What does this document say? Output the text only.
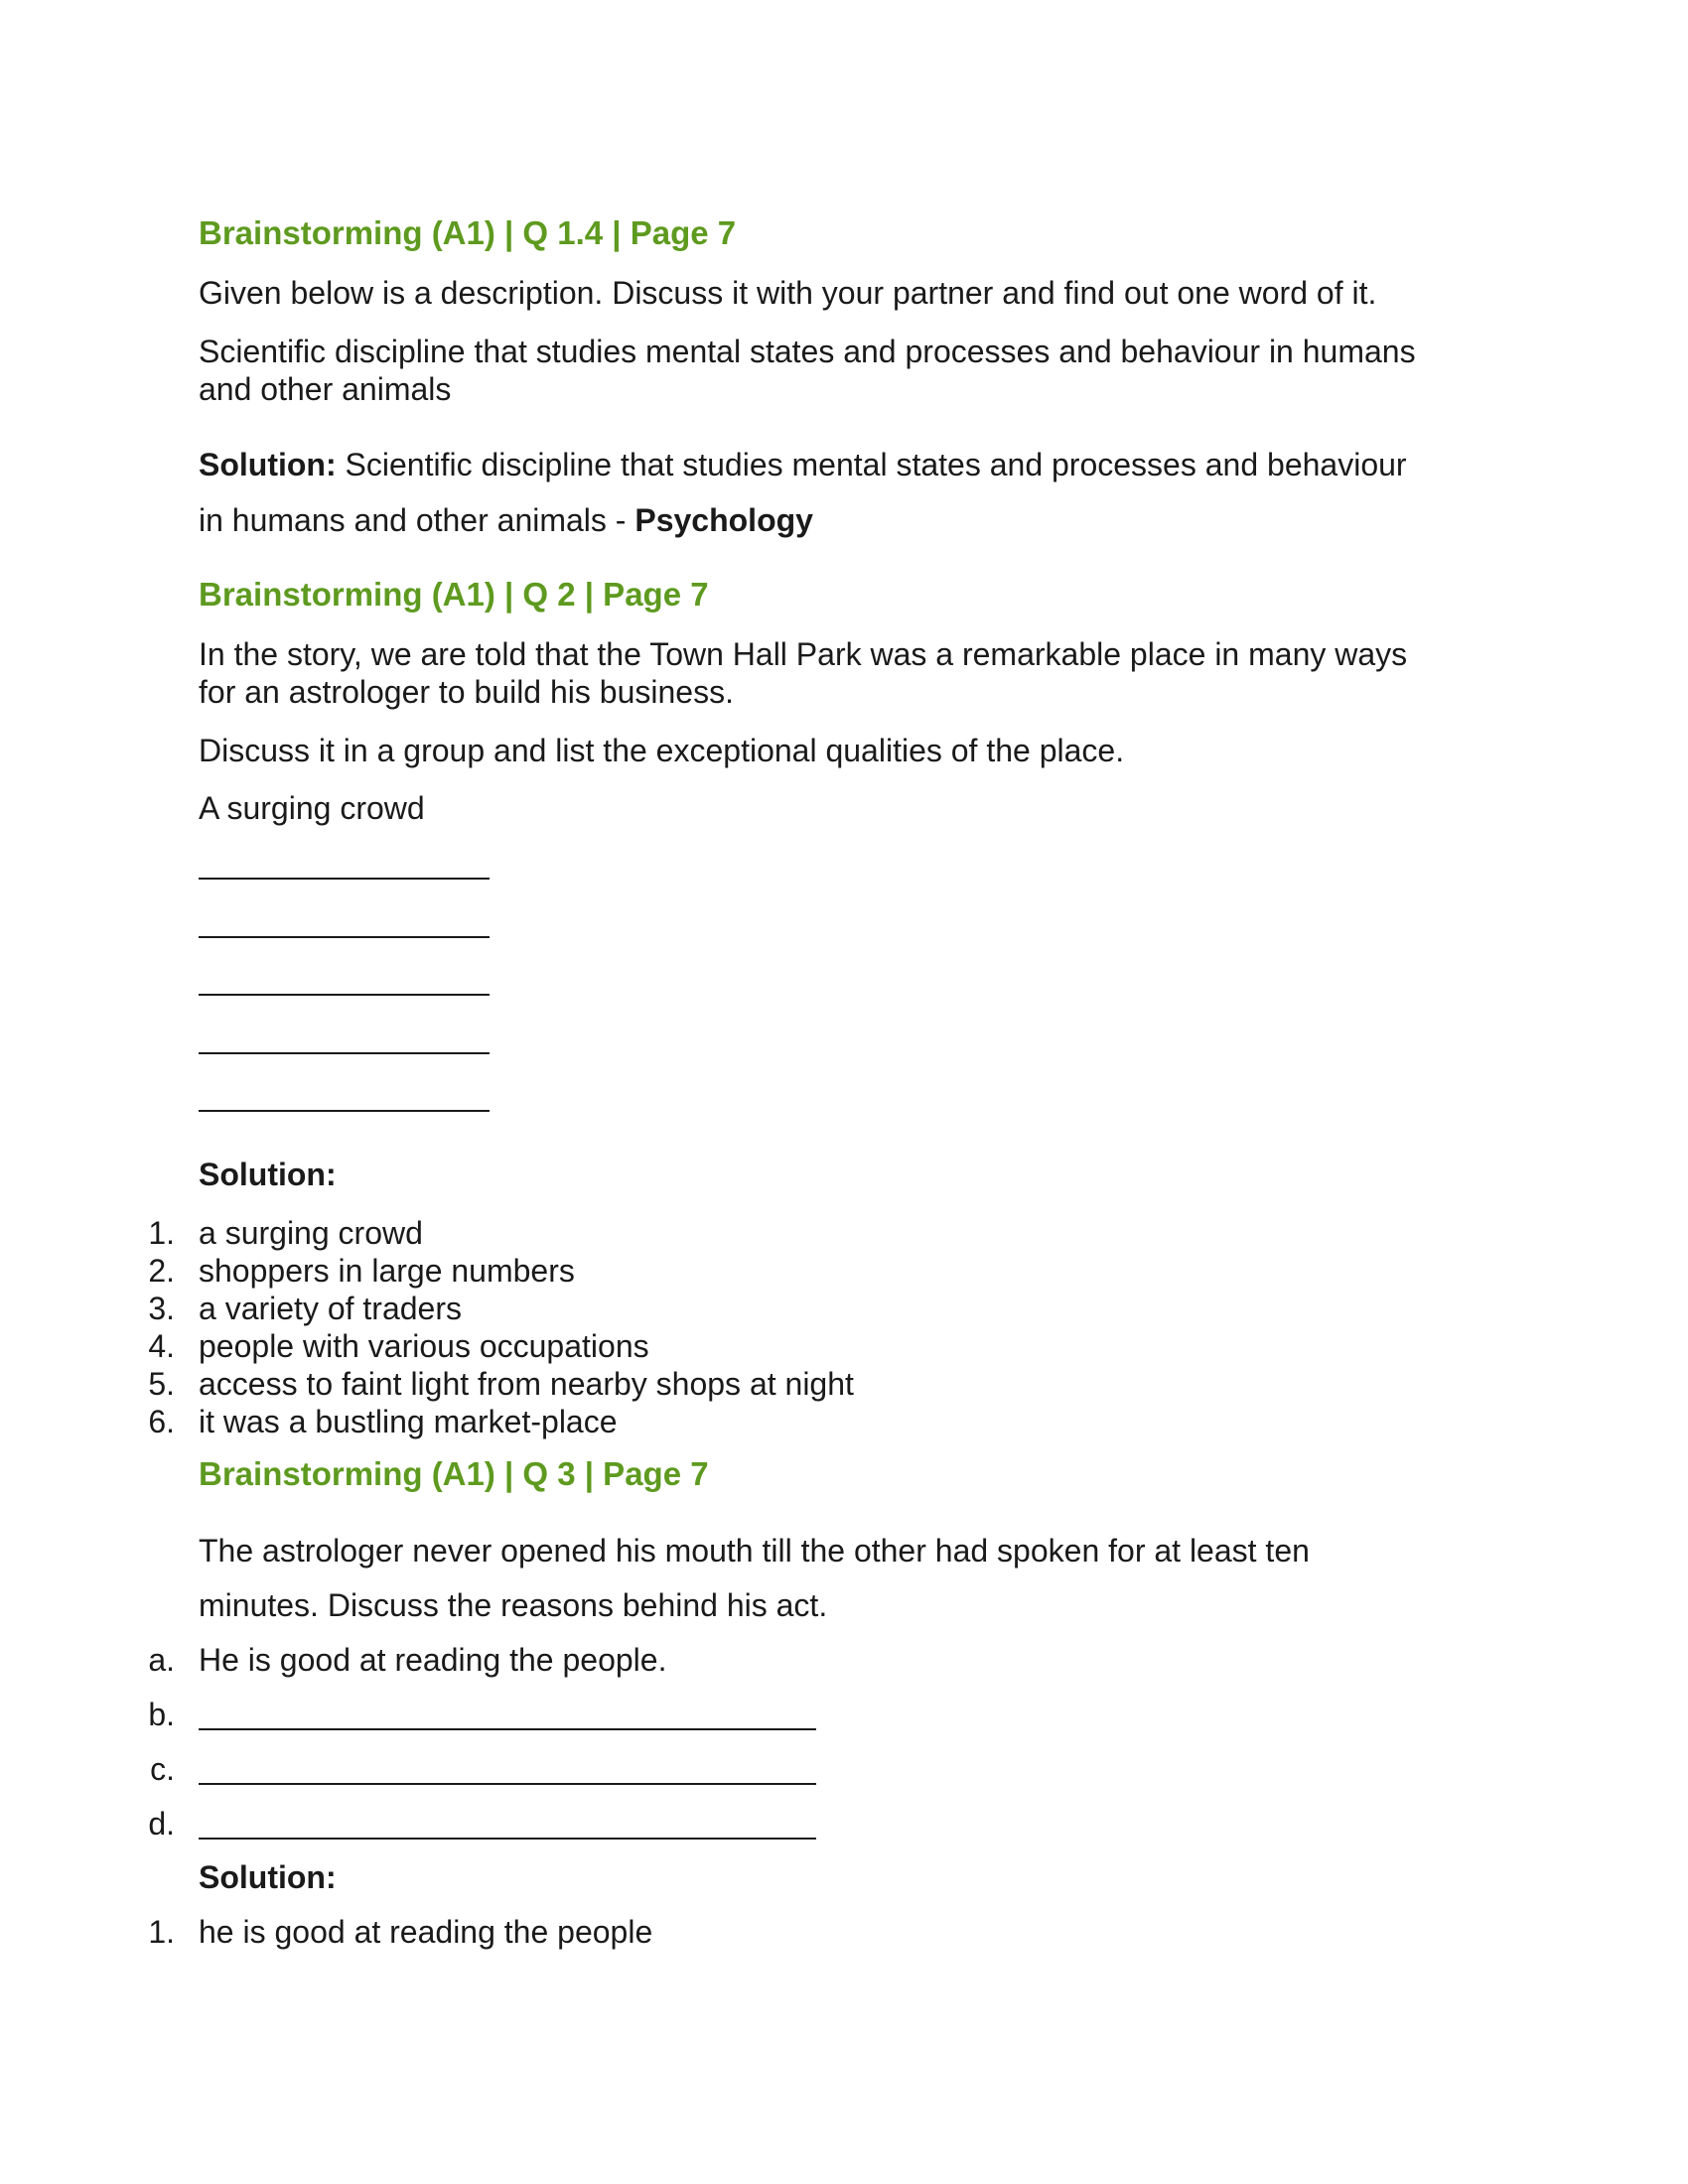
Brainstorming (A1) | Q 1.4 | Page 7
Given below is a description. Discuss it with your partner and find out one word of it.
Scientific discipline that studies mental states and processes and behaviour in humans
and other animals
Solution: Scientific discipline that studies mental states and processes and behaviour
in humans and other animals - Psychology
Brainstorming (A1) | Q 2 | Page 7
In the story, we are told that the Town Hall Park was a remarkable place in many ways
for an astrologer to build his business.
Discuss it in a group and list the exceptional qualities of the place.
A surging crowd
Solution:
1. a surging crowd
2. shoppers in large numbers
3. a variety of traders
4. people with various occupations
5. access to faint light from nearby shops at night
6. it was a bustling market-place
Brainstorming (A1) | Q 3 | Page 7
The astrologer never opened his mouth till the other had spoken for at least ten
minutes. Discuss the reasons behind his act.
a. He is good at reading the people.
b.
c.
d.
Solution:
1. he is good at reading the people
